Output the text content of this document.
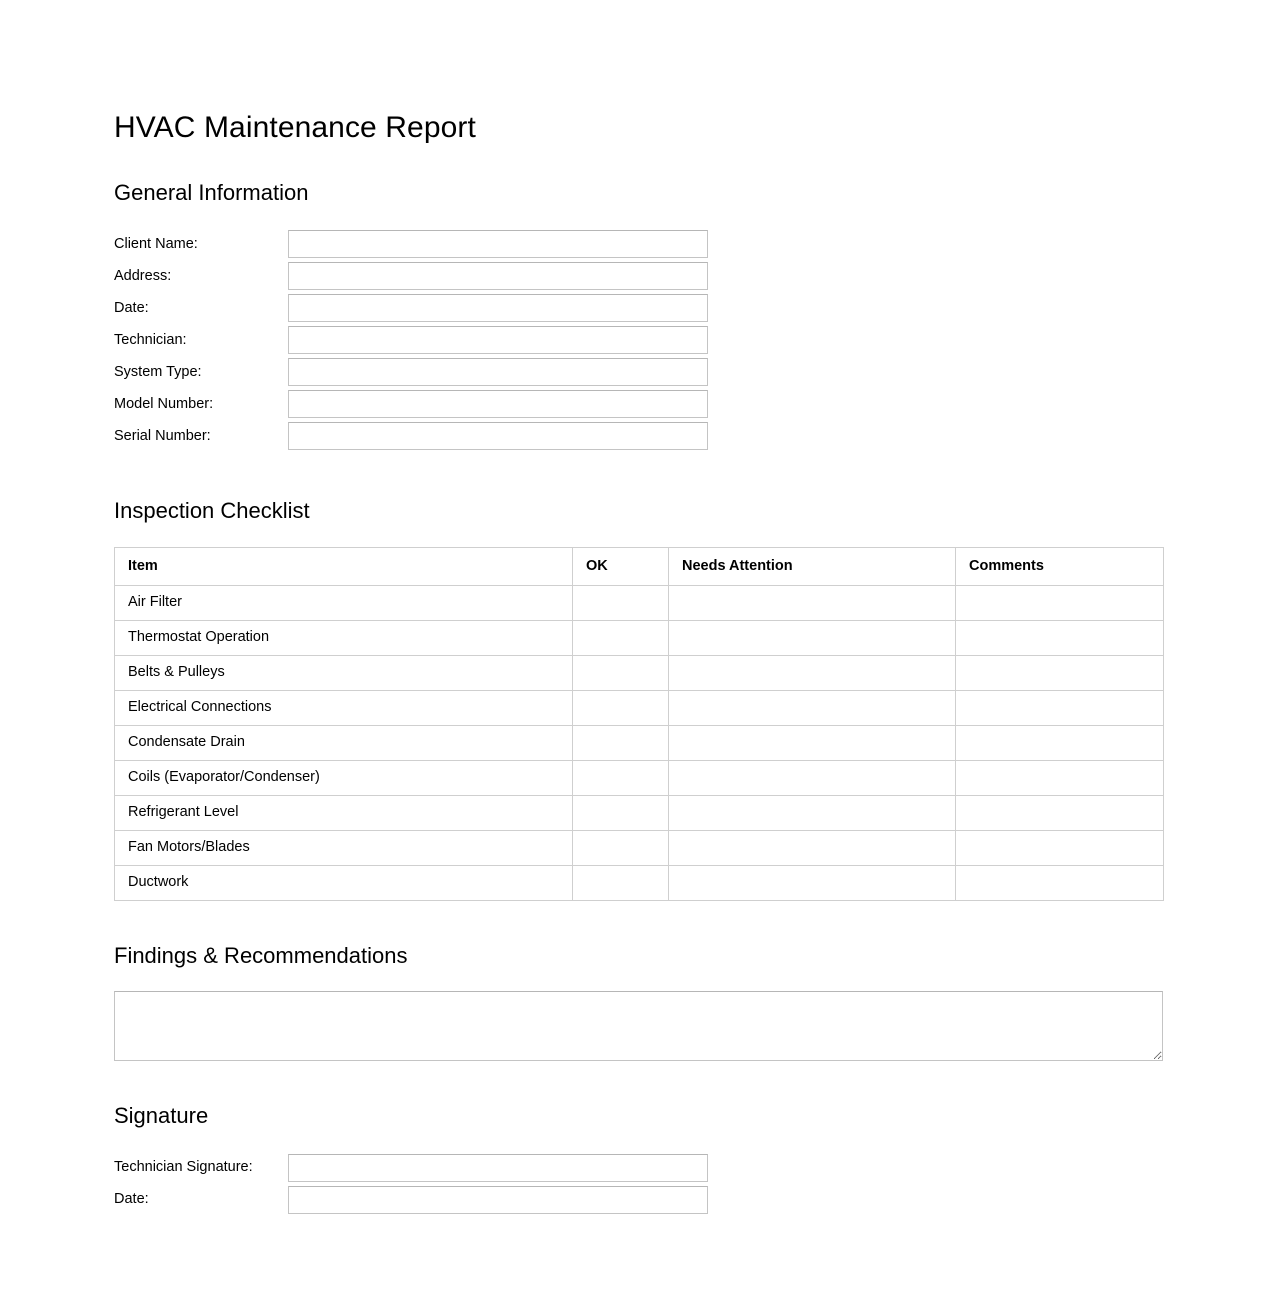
HVAC Maintenance Report
General Information
Client Name:
Address:
Date:
Technician:
System Type:
Model Number:
Serial Number:
Inspection Checklist
Item	OK	Needs Attention	Comments
Air Filter			
Thermostat Operation			
Belts & Pulleys			
Electrical Connections			
Condensate Drain			
Coils (Evaporator/Condenser)			
Refrigerant Level			
Fan Motors/Blades			
Ductwork			
Findings & Recommendations
Signature
Technician Signature:
Date:
